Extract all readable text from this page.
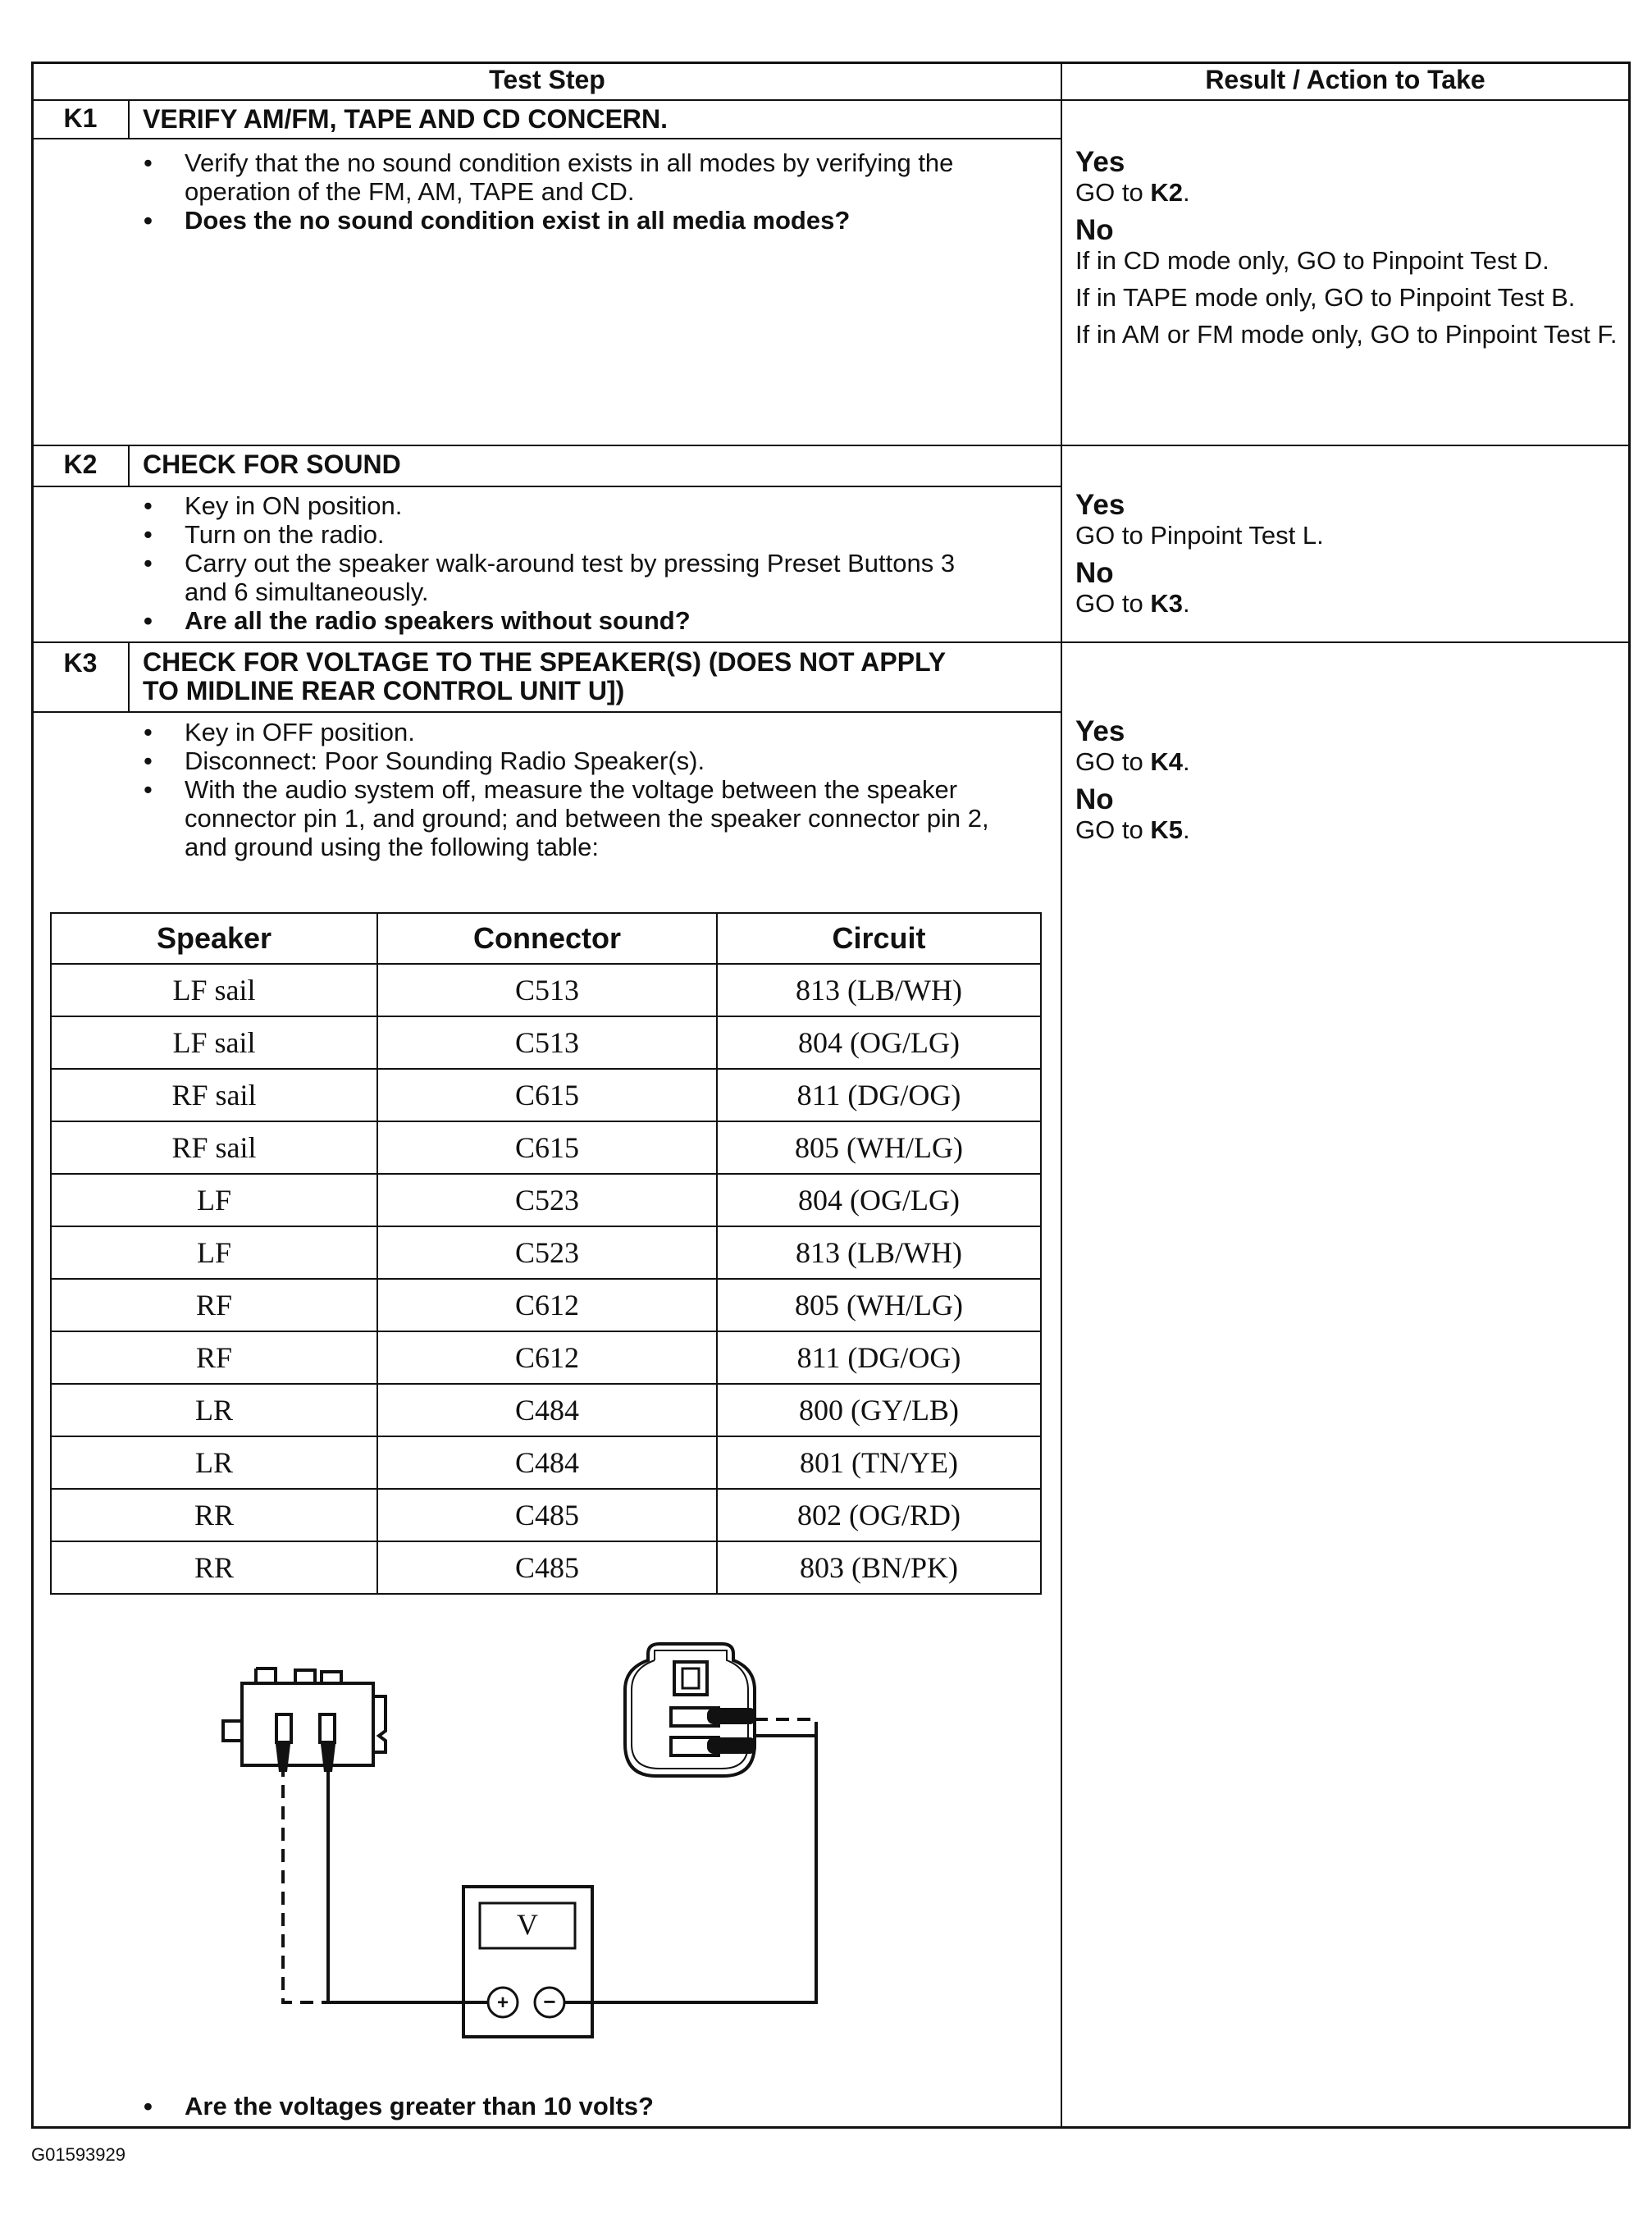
Test Step	Result / Action to Take
K1	VERIFY AM/FM, TAPE AND CD CONCERN.
• Verify that the no sound condition exists in all modes by verifying the operation of the FM, AM, TAPE and CD.
• Does the no sound condition exist in all media modes?
Yes
GO to K2.
No
If in CD mode only, GO to Pinpoint Test D.
If in TAPE mode only, GO to Pinpoint Test B.
If in AM or FM mode only, GO to Pinpoint Test F.
K2	CHECK FOR SOUND
• Key in ON position.
• Turn on the radio.
• Carry out the speaker walk-around test by pressing Preset Buttons 3 and 6 simultaneously.
• Are all the radio speakers without sound?
Yes
GO to Pinpoint Test L.
No
GO to K3.
K3	CHECK FOR VOLTAGE TO THE SPEAKER(S) (DOES NOT APPLY TO MIDLINE REAR CONTROL UNIT U])
• Key in OFF position.
• Disconnect: Poor Sounding Radio Speaker(s).
• With the audio system off, measure the voltage between the speaker connector pin 1, and ground; and between the speaker connector pin 2, and ground using the following table:
Yes
GO to K4.
No
GO to K5.
Speaker	Connector	Circuit
LF sail	C513	813 (LB/WH)
LF sail	C513	804 (OG/LG)
RF sail	C615	811 (DG/OG)
RF sail	C615	805 (WH/LG)
LF	C523	804 (OG/LG)
LF	C523	813 (LB/WH)
RF	C612	805 (WH/LG)
RF	C612	811 (DG/OG)
LR	C484	800 (GY/LB)
LR	C484	801 (TN/YE)
RR	C485	802 (OG/RD)
RR	C485	803 (BN/PK)
V
+ −
• Are the voltages greater than 10 volts?
G01593929
